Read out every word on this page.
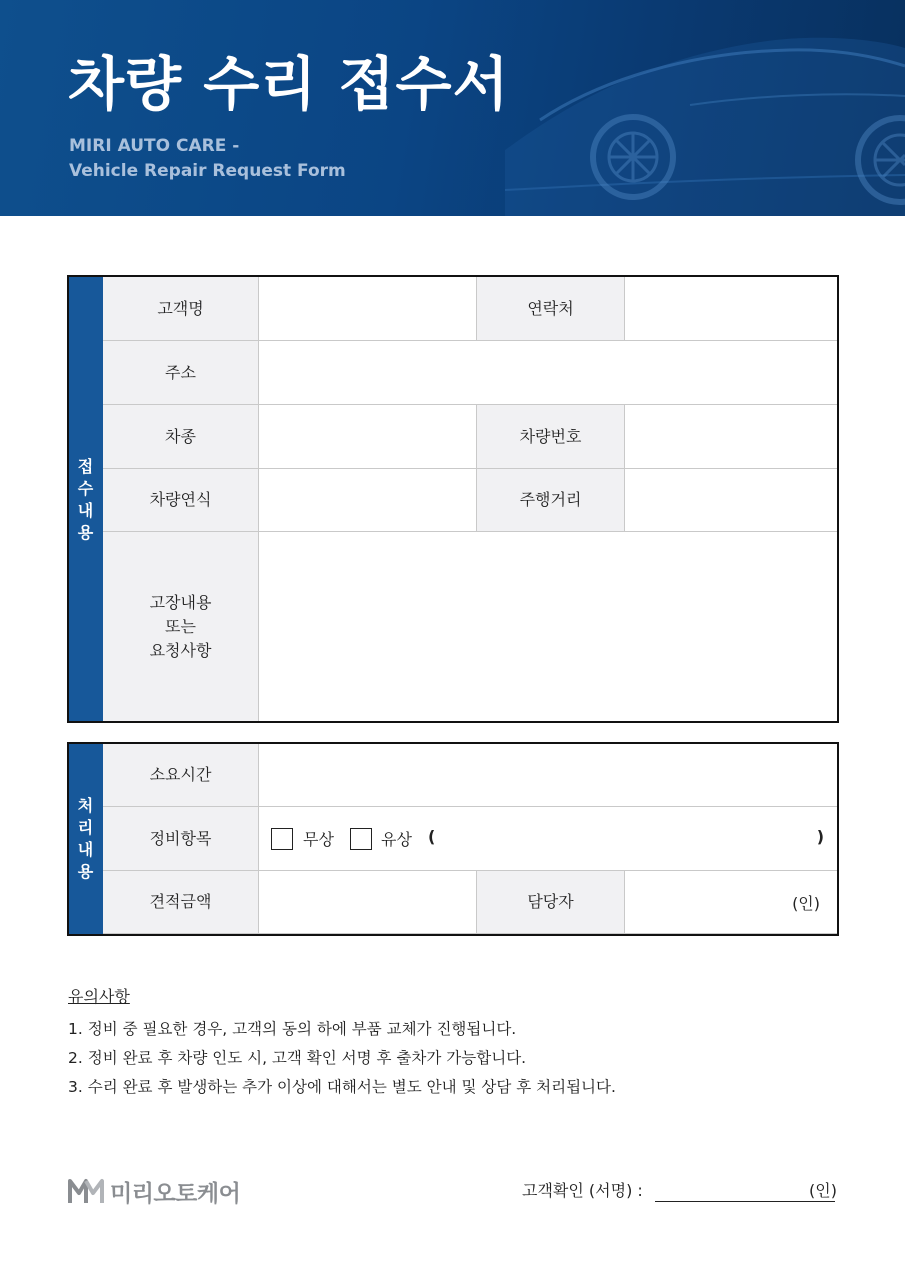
차량 수리 접수서
MIRI AUTO CARE -
Vehicle Repair Request Form
접
수
내
용	고객명		연락처	
	주소			
	차종		차량번호	
	차량연식		주행거리	

	고장내용
또는
요청사항			

처
리
내
용	소요시간			
	정비항목	무상 유상 ( )		

	견적금액		담당자	(인)
유의사항
1. 정비 중 필요한 경우, 고객의 동의 하에 부품 교체가 진행됩니다.
2. 정비 완료 후 차량 인도 시, 고객 확인 서명 후 출차가 가능합니다.
3. 수리 완료 후 발생하는 추가 이상에 대해서는 별도 안내 및 상담 후 처리됩니다.
미리오토케어	고객확인 (서명) :	(인)
